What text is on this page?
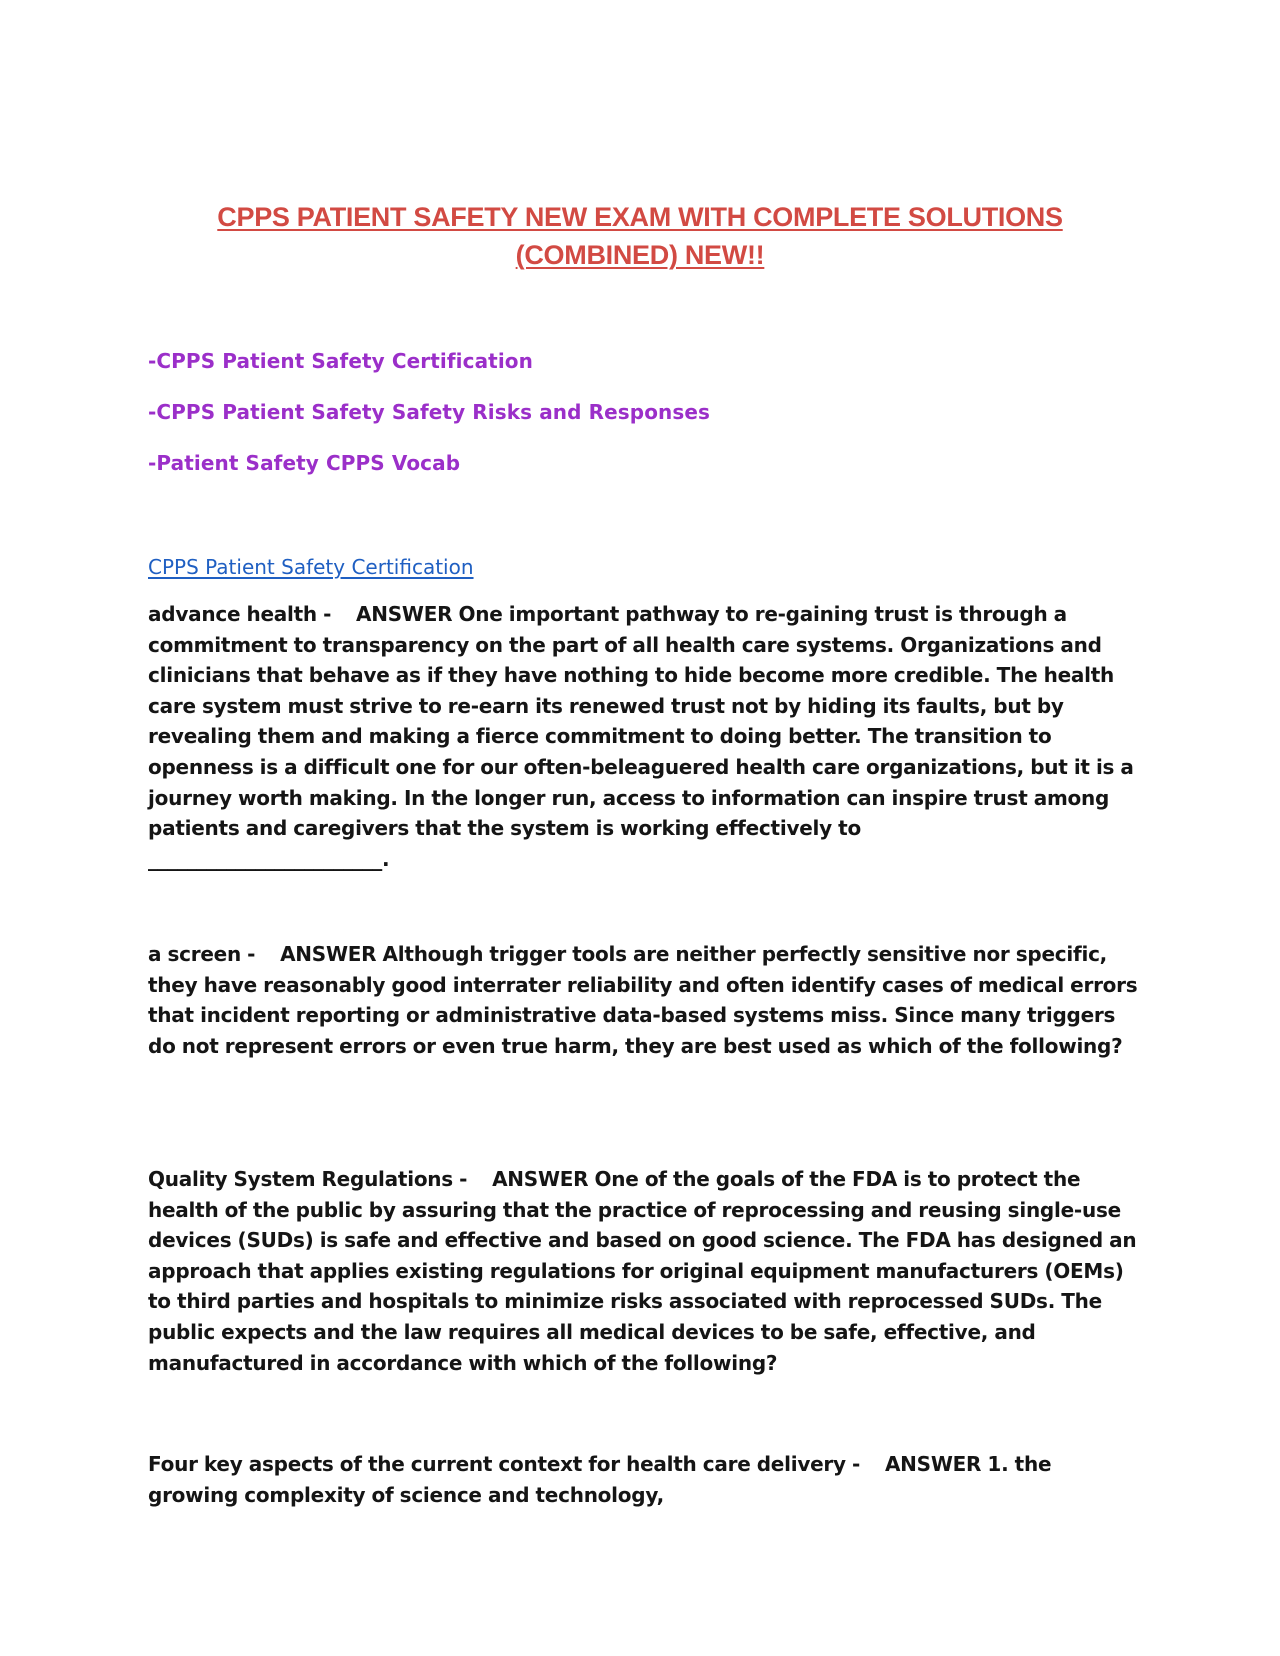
CPPS PATIENT SAFETY NEW EXAM WITH COMPLETE SOLUTIONS
(COMBINED) NEW!!
-CPPS Patient Safety Certification
-CPPS Patient Safety Safety Risks and Responses
-Patient Safety CPPS Vocab
CPPS Patient Safety Certification

advance health - ANSWER One important pathway to re-gaining trust is through a commitment to transparency on the part of all health care systems. Organizations and clinicians that behave as if they have nothing to hide become more credible. The health care system must strive to re-earn its renewed trust not by hiding its faults, but by revealing them and making a fierce commitment to doing better. The transition to openness is a difficult one for our often-beleaguered health care organizations, but it is a journey worth making. In the longer run, access to information can inspire trust among patients and caregivers that the system is working effectively to
________________________.

a screen - ANSWER Although trigger tools are neither perfectly sensitive nor specific, they have reasonably good interrater reliability and often identify cases of medical errors that incident reporting or administrative data-based systems miss. Since many triggers do not represent errors or even true harm, they are best used as which of the following?

Quality System Regulations - ANSWER One of the goals of the FDA is to protect the health of the public by assuring that the practice of reprocessing and reusing single-use devices (SUDs) is safe and effective and based on good science. The FDA has designed an approach that applies existing regulations for original equipment manufacturers (OEMs) to third parties and hospitals to minimize risks associated with reprocessed SUDs. The public expects and the law requires all medical devices to be safe, effective, and manufactured in accordance with which of the following?

Four key aspects of the current context for health care delivery - ANSWER 1. the growing complexity of science and technology,
